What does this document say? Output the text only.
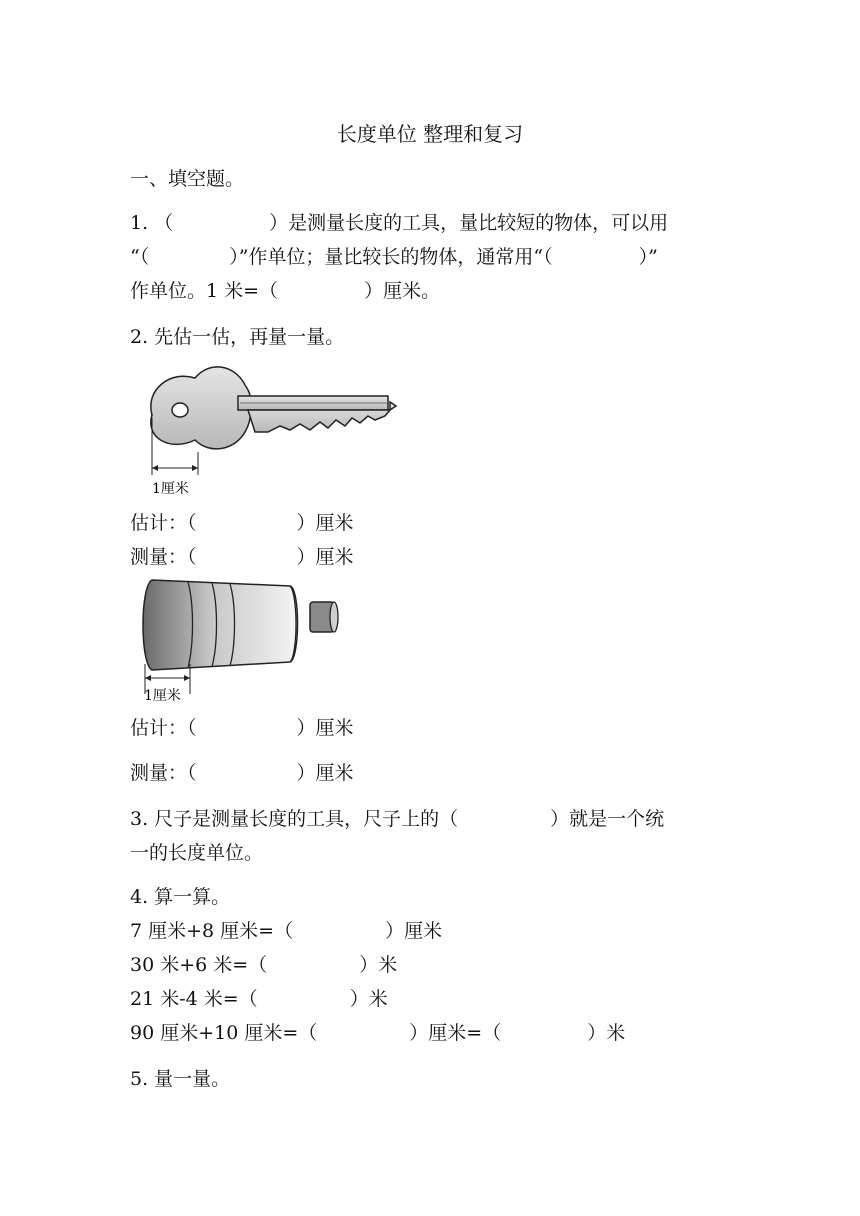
长度单位 整理和复习
一、填空题。
1. （	）是测量长度的工具，量比较短的物体，可以用
“（	）”作单位；量比较长的物体，通常用“（	）”
作单位。1 米=（	）厘米。
2. 先估一估，再量一量。
1厘米
估计：（	）厘米
测量：（	）厘米
1厘米
估计：（	）厘米
测量：（	）厘米
3. 尺子是测量长度的工具，尺子上的（	）就是一个统
一的长度单位。
4. 算一算。
7 厘米+8 厘米=（	）厘米
30 米+6 米=（	）米
21 米-4 米=（	）米
90 厘米+10 厘米=（	）厘米=（	）米
5. 量一量。
